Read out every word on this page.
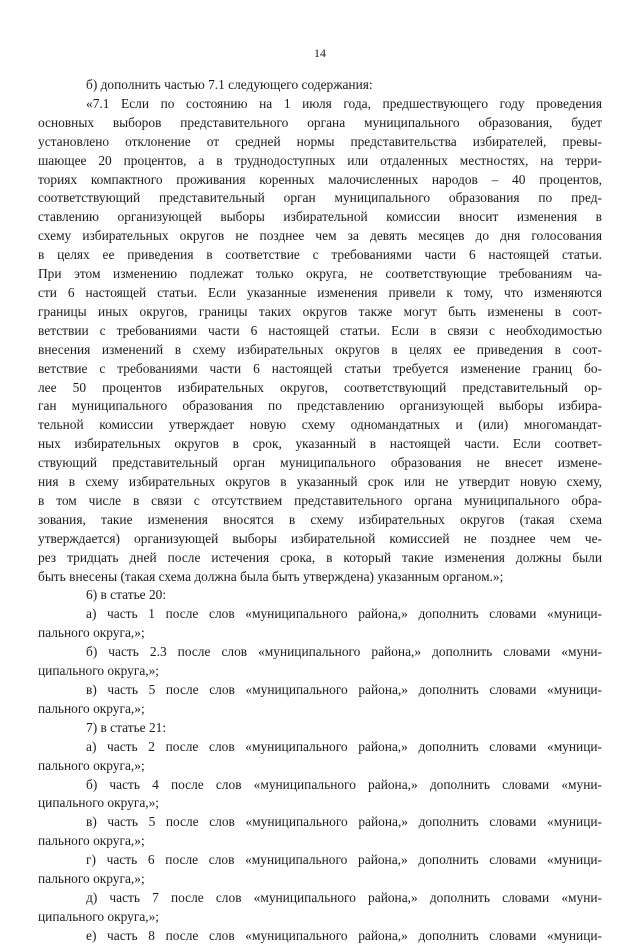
14
б) дополнить частью 7.1 следующего содержания:
«7.1 Если по состоянию на 1 июля года, предшествующего году проведения
основных выборов представительного органа муниципального образования, будет
установлено отклонение от средней нормы представительства избирателей, превы-
шающее 20 процентов, а в труднодоступных или отдаленных местностях, на терри-
ториях компактного проживания коренных малочисленных народов – 40 процентов,
соответствующий представительный орган муниципального образования по пред-
ставлению организующей выборы избирательной комиссии вносит изменения в
схему избирательных округов не позднее чем за девять месяцев до дня голосования
в целях ее приведения в соответствие с требованиями части 6 настоящей статьи.
При этом изменению подлежат только округа, не соответствующие требованиям ча-
сти 6 настоящей статьи. Если указанные изменения привели к тому, что изменяются
границы иных округов, границы таких округов также могут быть изменены в соот-
ветствии с требованиями части 6 настоящей статьи. Если в связи с необходимостью
внесения изменений в схему избирательных округов в целях ее приведения в соот-
ветствие с требованиями части 6 настоящей статьи требуется изменение границ бо-
лее 50 процентов избирательных округов, соответствующий представительный ор-
ган муниципального образования по представлению организующей выборы избира-
тельной комиссии утверждает новую схему одномандатных и (или) многомандат-
ных избирательных округов в срок, указанный в настоящей части. Если соответ-
ствующий представительный орган муниципального образования не внесет измене-
ния в схему избирательных округов в указанный срок или не утвердит новую схему,
в том числе в связи с отсутствием представительного органа муниципального обра-
зования, такие изменения вносятся в схему избирательных округов (такая схема
утверждается) организующей выборы избирательной комиссией не позднее чем че-
рез тридцать дней после истечения срока, в который такие изменения должны были
быть внесены (такая схема должна была быть утверждена) указанным органом.»;
6) в статье 20:
а) часть 1 после слов «муниципального района,» дополнить словами «муници-
пального округа,»;
б) часть 2.3 после слов «муниципального района,» дополнить словами «муни-
ципального округа,»;
в) часть 5 после слов «муниципального района,» дополнить словами «муници-
пального округа,»;
7) в статье 21:
а) часть 2 после слов «муниципального района,» дополнить словами «муници-
пального округа,»;
б) часть 4 после слов «муниципального района,» дополнить словами «муни-
ципального округа,»;
в) часть 5 после слов «муниципального района,» дополнить словами «муници-
пального округа,»;
г) часть 6 после слов «муниципального района,» дополнить словами «муници-
пального округа,»;
д) часть 7 после слов «муниципального района,» дополнить словами «муни-
ципального округа,»;
е) часть 8 после слов «муниципального района,» дополнить словами «муници-
